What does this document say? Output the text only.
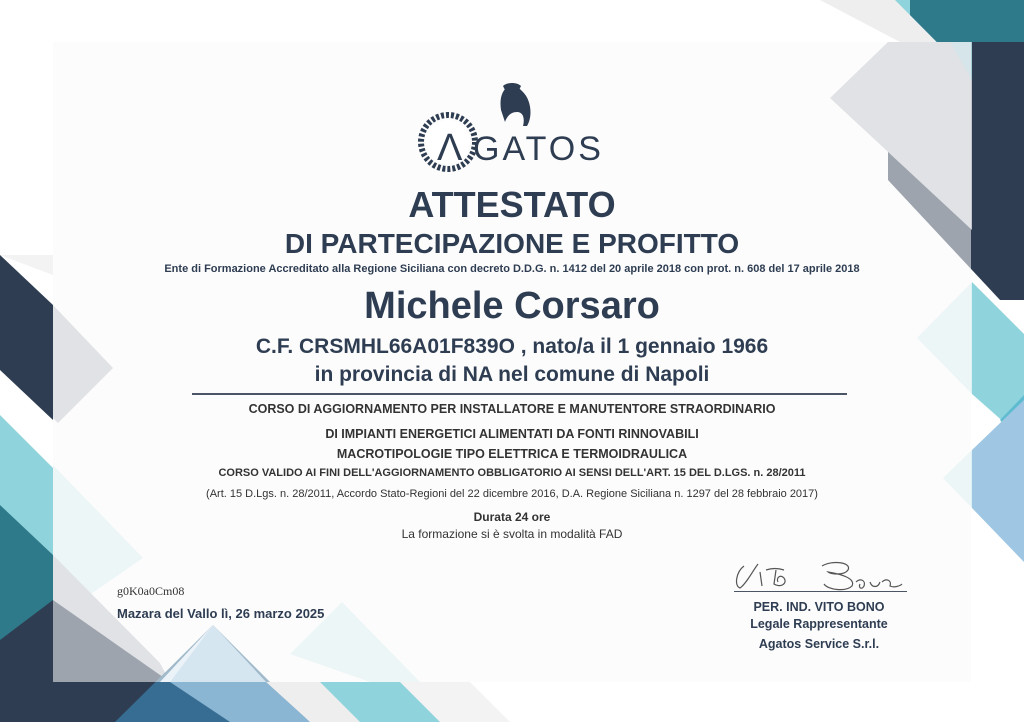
Λ GATOS
ATTESTATO
DI PARTECIPAZIONE E PROFITTO
Ente di Formazione Accreditato alla Regione Siciliana con decreto D.D.G. n. 1412 del 20 aprile 2018 con prot. n. 608 del 17 aprile 2018
Michele Corsaro
C.F. CRSMHL66A01F839O , nato/a il 1 gennaio 1966
in provincia di NA nel comune di Napoli
CORSO DI AGGIORNAMENTO PER INSTALLATORE E MANUTENTORE STRAORDINARIO
DI IMPIANTI ENERGETICI ALIMENTATI DA FONTI RINNOVABILI
MACROTIPOLOGIE TIPO ELETTRICA E TERMOIDRAULICA
CORSO VALIDO AI FINI DELL'AGGIORNAMENTO OBBLIGATORIO AI SENSI DELL'ART. 15 DEL D.LGS. n. 28/2011
(Art. 15 D.Lgs. n. 28/2011, Accordo Stato-Regioni del 22 dicembre 2016, D.A. Regione Siciliana n. 1297 del 28 febbraio 2017)
Durata 24 ore
La formazione si è svolta in modalità FAD
g0K0a0Cm08
Mazara del Vallo lì, 26 marzo 2025	PER. IND. VITO BONO
Legale Rappresentante
Agatos Service S.r.l.
